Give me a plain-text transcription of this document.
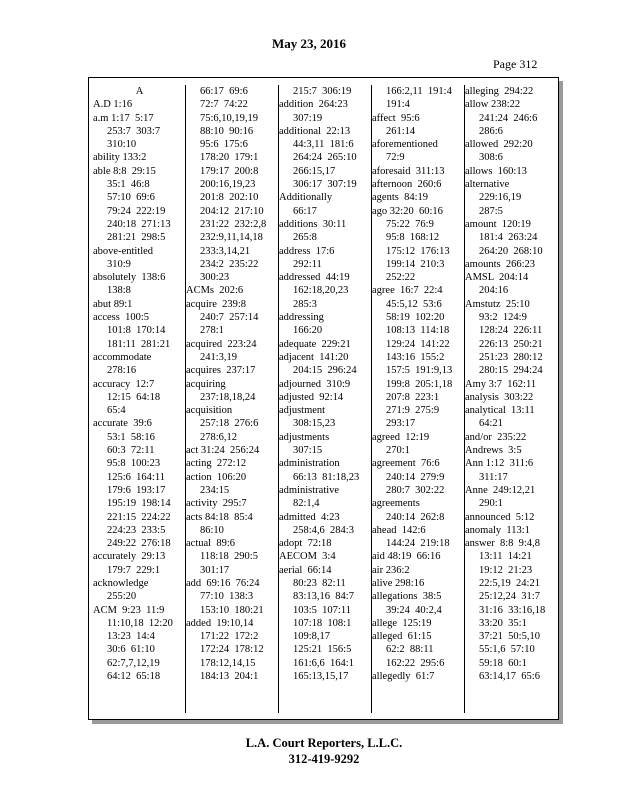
May 23, 2016
Page 312
A
A.D 1:16
a.m 1:17  5:17
253:7  303:7
310:10
ability 133:2
able 8:8  29:15
35:1  46:8
57:10  69:6
79:24  222:19
240:18  271:13
281:21  298:5
above-entitled
310:9
absolutely  138:6
138:8
abut 89:1
access  100:5
101:8  170:14
181:11  281:21
accommodate
278:16
accuracy  12:7
12:15  64:18
65:4
accurate  39:6
53:1  58:16
60:3  72:11
95:8  100:23
125:6  164:11
179:6  193:17
195:19  198:14
221:15  224:22
224:23  233:5
249:22  276:18
accurately  29:13
179:7  229:1
acknowledge
255:20
ACM  9:23  11:9
11:10,18  12:20
13:23  14:4
30:6  61:10
62:7,7,12,19
64:12  65:18
66:17  69:6
72:7  74:22
75:6,10,19,19
88:10  90:16
95:6  175:6
178:20  179:1
179:17  200:8
200:16,19,23
201:8  202:10
204:12  217:10
231:22  232:2,8
232:9,11,14,18
233:3,14,21
234:2  235:22
300:23
ACMs  202:6
acquire  239:8
240:7  257:14
278:1
acquired  223:24
241:3,19
acquires  237:17
acquiring
237:18,18,24
acquisition
257:18  276:6
278:6,12
act 31:24  256:24
acting  272:12
action  106:20
234:15
activity  295:7
acts 84:18  85:4
86:10
actual  89:6
118:18  290:5
301:17
add  69:16  76:24
77:10  138:3
153:10  180:21
added  19:10,14
171:22  172:2
172:24  178:12
178:12,14,15
184:13  204:1
215:7  306:19
addition  264:23
307:19
additional  22:13
44:3,11  181:6
264:24  265:10
266:15,17
306:17  307:19
Additionally
66:17
additions  30:11
265:8
address  17:6
292:11
addressed  44:19
162:18,20,23
285:3
addressing
166:20
adequate  229:21
adjacent  141:20
204:15  296:24
adjourned  310:9
adjusted  92:14
adjustment
308:15,23
adjustments
307:15
administration
66:13  81:18,23
administrative
82:1,4
admitted  4:23
258:4,6  284:3
adopt  72:18
AECOM  3:4
aerial  66:14
80:23  82:11
83:13,16  84:7
103:5  107:11
107:18  108:1
109:8,17
125:21  156:5
161:6,6  164:1
165:13,15,17
166:2,11  191:4
191:4
affect  95:6
261:14
aforementioned
72:9
aforesaid  311:13
afternoon  260:6
agents  84:19
ago 32:20  60:16
75:22  76:9
95:8  168:12
175:12  176:13
199:14  210:3
252:22
agree  16:7  22:4
45:5,12  53:6
58:19  102:20
108:13  114:18
129:24  141:22
143:16  155:2
157:5  191:9,13
199:8  205:1,18
207:8  223:1
271:9  275:9
293:17
agreed  12:19
270:1
agreement  76:6
240:14  279:9
280:7  302:22
agreements
240:14  262:8
ahead  142:6
144:24  219:18
aid 48:19  66:16
air 236:2
alive 298:16
allegations  38:5
39:24  40:2,4
allege  125:19
alleged  61:15
62:2  88:11
162:22  295:6
allegedly  61:7
alleging  294:22
allow 238:22
241:24  246:6
286:6
allowed  292:20
308:6
allows  160:13
alternative
229:16,19
287:5
amount  120:19
181:4  263:24
264:20  268:10
amounts  266:23
AMSL  204:14
204:16
Amstutz  25:10
93:2  124:9
128:24  226:11
226:13  250:21
251:23  280:12
280:15  294:24
Amy 3:7  162:11
analysis  303:22
analytical  13:11
64:21
and/or  235:22
Andrews  3:5
Ann 1:12  311:6
311:17
Anne  249:12,21
290:1
announced  5:12
anomaly  113:1
answer  8:8  9:4,8
13:11  14:21
19:12  21:23
22:5,19  24:21
25:12,24  31:7
31:16  33:16,18
33:20  35:1
37:21  50:5,10
55:1,6  57:10
59:18  60:1
63:14,17  65:6
L.A. Court Reporters, L.L.C.
312-419-9292
